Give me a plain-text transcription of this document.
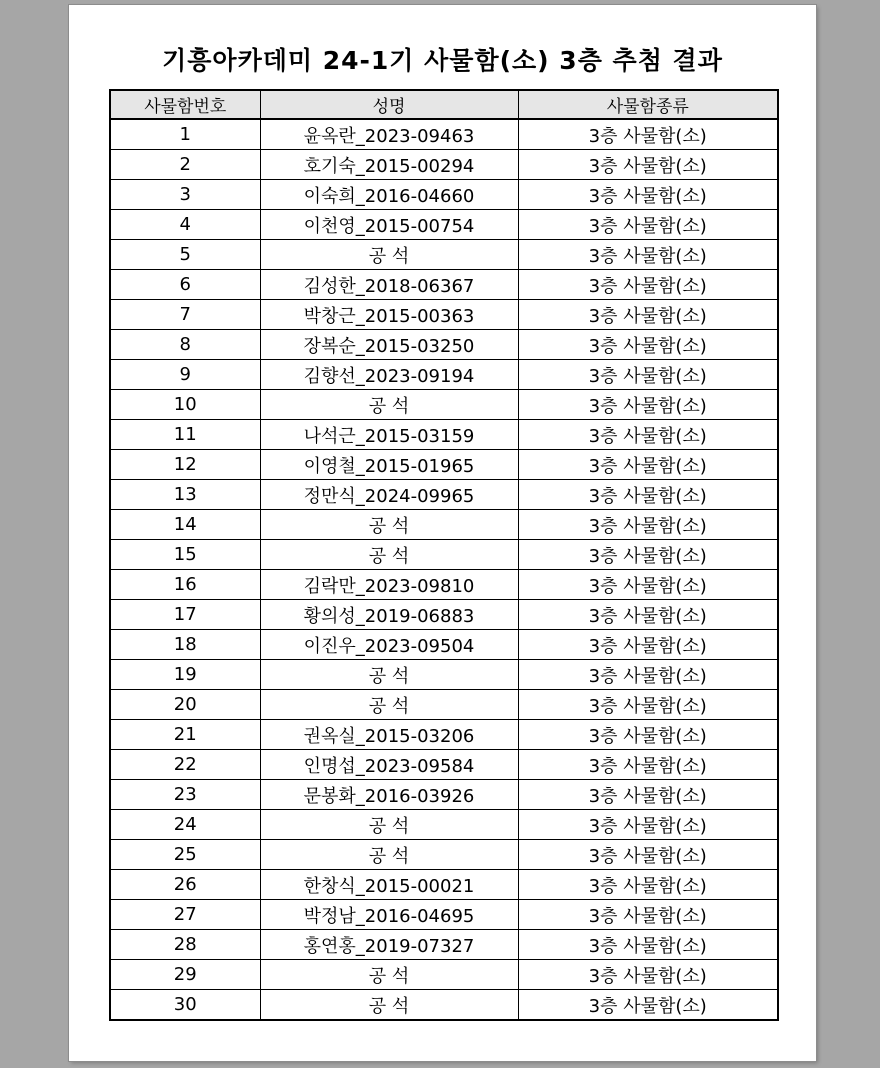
기흥아카데미 24-1기 사물함(소) 3층 추첨 결과
사물함번호	성명	사물함종류
1	윤옥란_2023-09463	3층 사물함(소)
2	호기숙_2015-00294	3층 사물함(소)
3	이숙희_2016-04660	3층 사물함(소)
4	이천영_2015-00754	3층 사물함(소)
5	공 석	3층 사물함(소)
6	김성한_2018-06367	3층 사물함(소)
7	박창근_2015-00363	3층 사물함(소)
8	장복순_2015-03250	3층 사물함(소)
9	김향선_2023-09194	3층 사물함(소)
10	공 석	3층 사물함(소)
11	나석근_2015-03159	3층 사물함(소)
12	이영철_2015-01965	3층 사물함(소)
13	정만식_2024-09965	3층 사물함(소)
14	공 석	3층 사물함(소)
15	공 석	3층 사물함(소)
16	김락만_2023-09810	3층 사물함(소)
17	황의성_2019-06883	3층 사물함(소)
18	이진우_2023-09504	3층 사물함(소)
19	공 석	3층 사물함(소)
20	공 석	3층 사물함(소)
21	권옥실_2015-03206	3층 사물함(소)
22	인명섭_2023-09584	3층 사물함(소)
23	문봉화_2016-03926	3층 사물함(소)
24	공 석	3층 사물함(소)
25	공 석	3층 사물함(소)
26	한창식_2015-00021	3층 사물함(소)
27	박정남_2016-04695	3층 사물함(소)
28	홍연홍_2019-07327	3층 사물함(소)
29	공 석	3층 사물함(소)
30	공 석	3층 사물함(소)
